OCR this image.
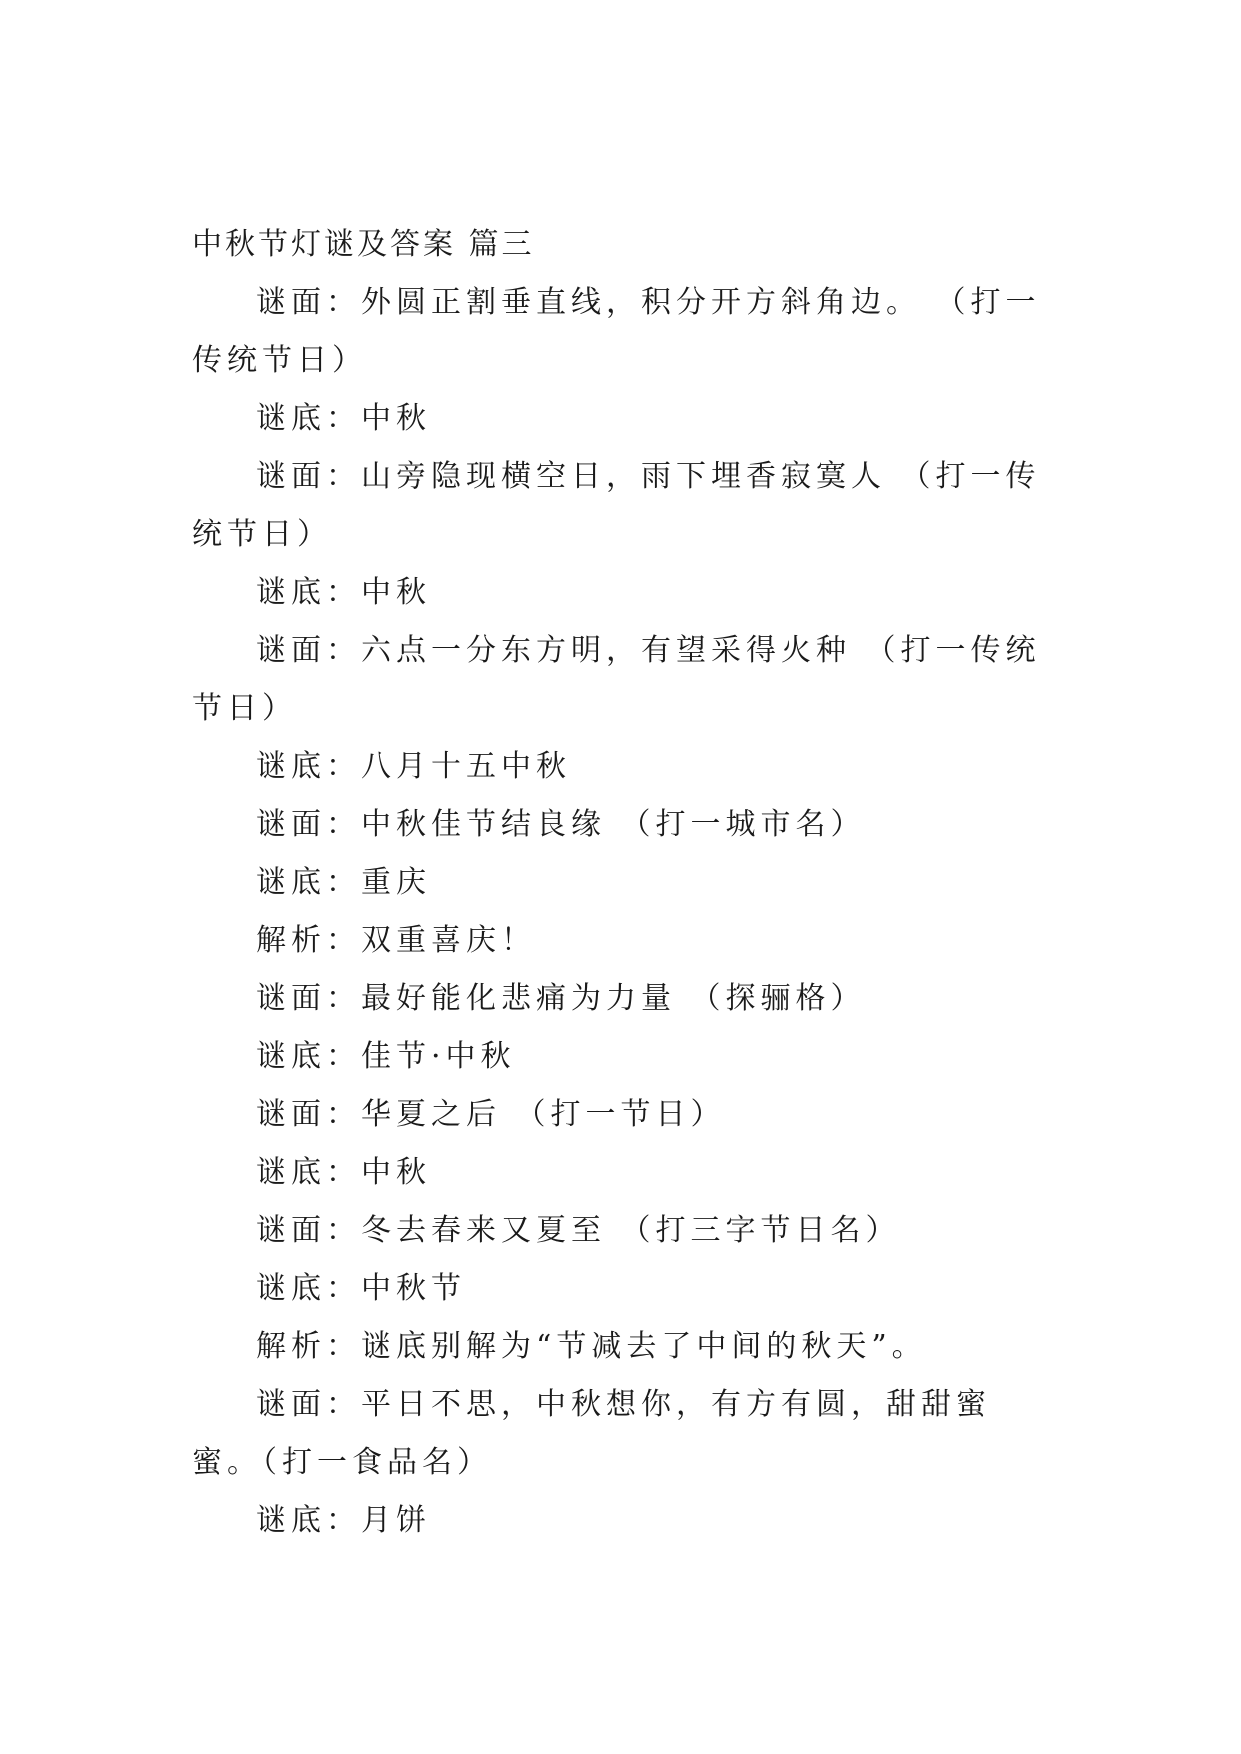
中秋节灯谜及答案 篇三

谜面：外圆正割垂直线，积分开方斜角边。 （打一传统节日）

谜底：中秋

谜面：山旁隐现横空日，雨下埋香寂寞人 （打一传统节日）

谜底：中秋

谜面：六点一分东方明，有望采得火种 （打一传统节日）

谜底：八月十五中秋

谜面：中秋佳节结良缘 （打一城市名）

谜底：重庆

解析：双重喜庆！

谜面：最好能化悲痛为力量 （探骊格）

谜底：佳节·中秋

谜面：华夏之后 （打一节日）

谜底：中秋

谜面：冬去春来又夏至 （打三字节日名）

谜底：中秋节

解析：谜底别解为“节减去了中间的秋天”。

谜面：平日不思，中秋想你，有方有圆，甜甜蜜蜜。（打一食品名）

谜底：月饼
